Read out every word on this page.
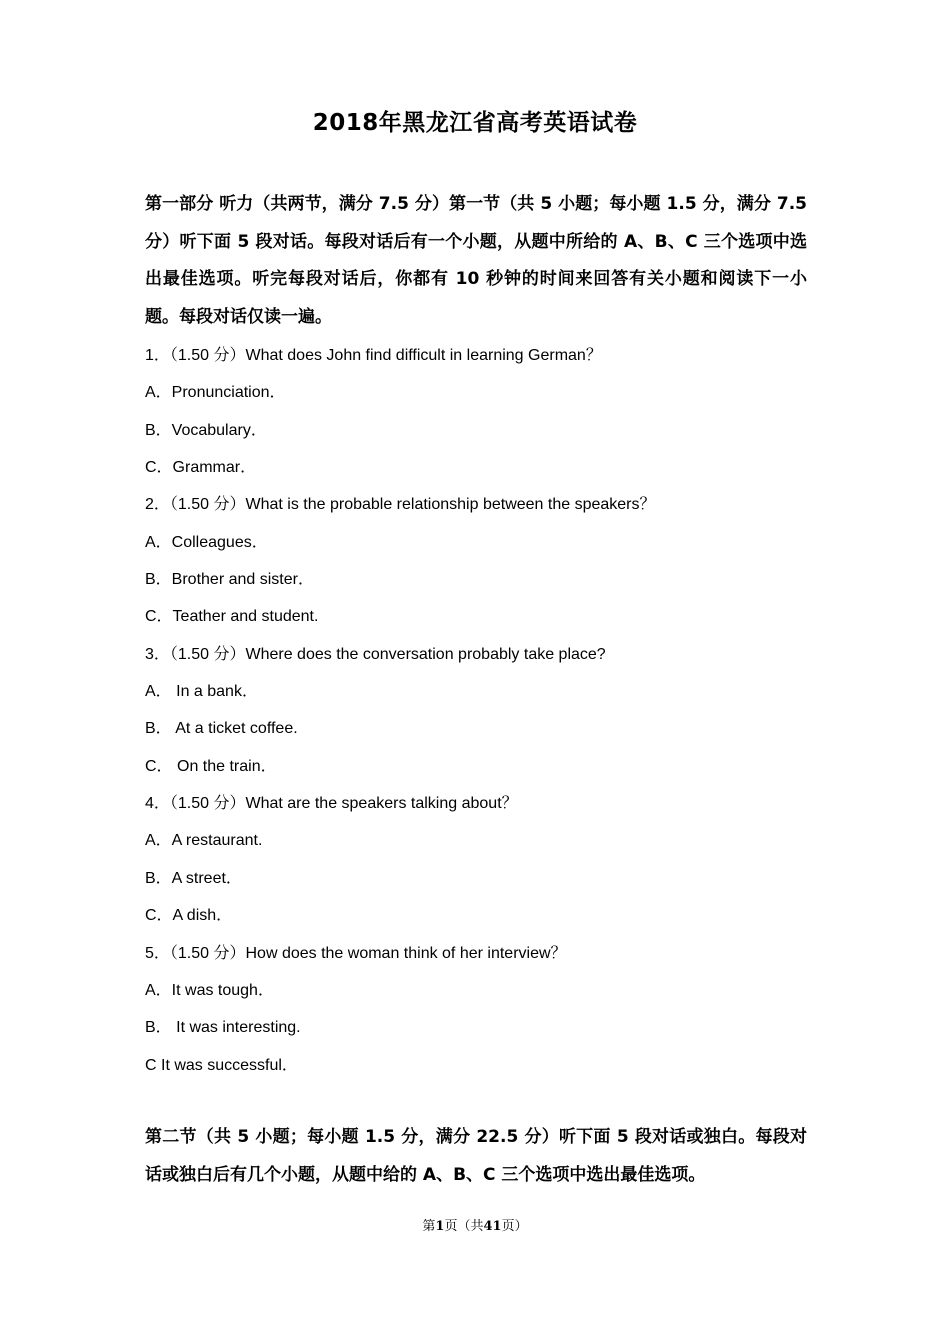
2018年黑龙江省高考英语试卷
第一部分 听力（共两节，满分 7.5 分）第一节（共 5 小题；每小题 1.5 分，满分 7.5 分）听下面 5 段对话。每段对话后有一个小题，从题中所给的 A、B、C 三个选项中选出最佳选项。听完每段对话后，你都有 10 秒钟的时间来回答有关小题和阅读下一小题。每段对话仅读一遍。
1．（1.50 分）What does John find difficult in learning German？
A．Pronunciation．
B．Vocabulary．
C．Grammar．
2．（1.50 分）What is the probable relationship between the speakers？
A．Colleagues．
B．Brother and sister．
C．Teather and student.
3．（1.50 分）Where does the conversation probably take place?
A． In a bank．
B． At a ticket coffee.
C． On the train．
4．（1.50 分）What are the speakers talking about？
A．A restaurant.
B．A street．
C．A dish．
5．（1.50 分）How does the woman think of her interview？
A．It was tough．
B． It was interesting.
C It was successful．
第二节（共 5 小题；每小题 1.5 分，满分 22.5 分）听下面 5 段对话或独白。每段对话或独白后有几个小题，从题中给的 A、B、C 三个选项中选出最佳选项。
第1页（共41页）
